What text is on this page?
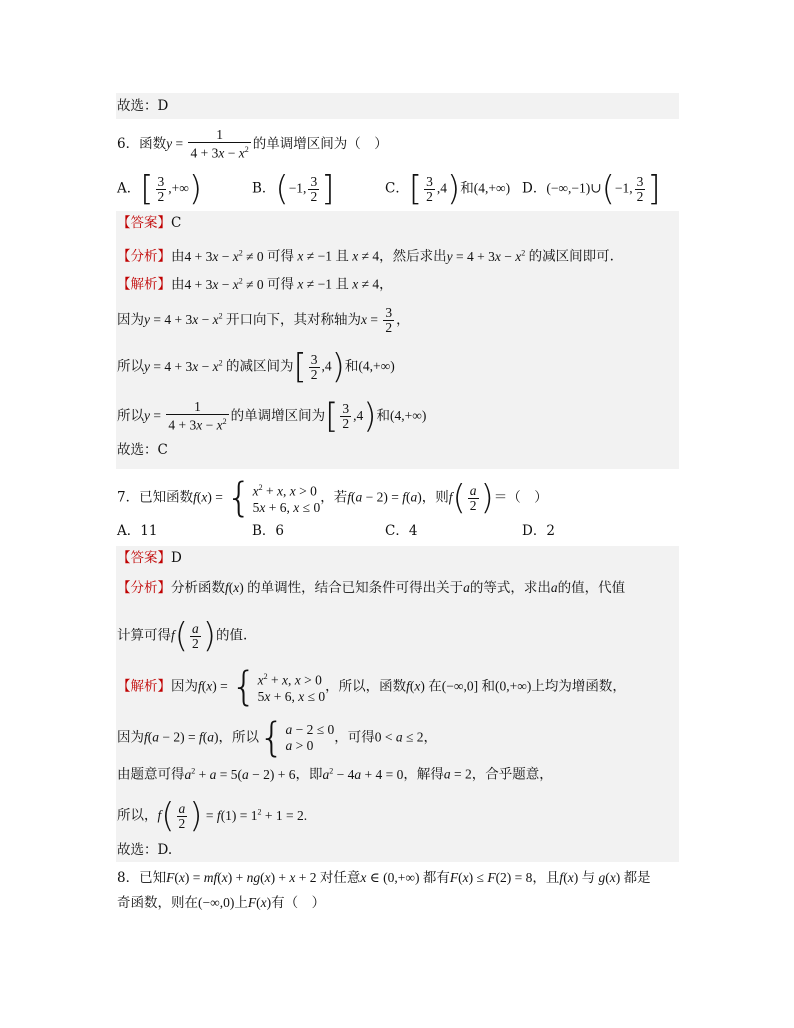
故选：D
6．函数$y = \frac{1}{4 + 3x - x^2}$ 的单调增区间为（　）
A．[ $\frac{3}{2}$ ,+∞)	B．(−1, $\frac{3}{2}$ ]	C．[ $\frac{3}{2} ,4$)和(4,+∞) D．(−∞,−1)∪(−1, $\frac{3}{2}$ ]
【答案】C
【分析】由$4 + 3x - x^2 \ne 0$ 可得 x ≠ −1 且 x ≠ 4，然后求出$y = 4 + 3x - x^2$ 的减区间即可.
【解析】由$4 + 3x - x^2 \ne 0$ 可得 x ≠ −1 且 x ≠ 4，
因为$y = 4 + 3x - x^2$ 开口向下，其对称轴为$x = \frac{3}{2}$ ，
所以$y = 4 + 3x - x^2$ 的减区间为[ $\frac{3}{2} ,4$)和(4,+∞)
所以$y = \frac{1}{4 + 3x - x^2}$ 的单调增区间为[ $\frac{3}{2} ,4$)和(4,+∞)
故选：C
7．已知函数f(x) = { $x^2 + x$, x > 0
5x + 6, x ≤ 0
，若f(a − 2) = f(a)，则$f( \frac{a}{2}$ )＝（　）
A．11	B．6	C．4	D．2
【答案】D
【分析】分析函数f(x) 的单调性，结合已知条件可得出关于a的等式，求出a的值，代值
计算可得$f( \frac{a}{2}$ )的值.
【解析】因为f(x) = { $x^2 + x$, x > 0
5x + 6, x ≤ 0
，所以，函数f(x) 在(−∞,0] 和(0,+∞)上均为增函数，
因为f(a − 2) = f(a)，所以{ a − 2 ≤ 0
a > 0	，可得0 < a ≤ 2，
由题意可得$a^2 + a = 5(a - 2) + 6$，即$a^2 - 4a + 4 = 0$，解得a = 2，合乎题意，
所以，$f( \frac{a}{2}$ ) = $f(1) = 1^2 + 1 = 2$.
故选：D.
8．已知F(x) = mf(x) + ng(x) + x + 2 对任意x ∈ (0,+∞) 都有F(x) ≤ F(2) = 8，且f(x) 与 g(x) 都是
奇函数，则在(−∞,0)上F(x)有（　）
